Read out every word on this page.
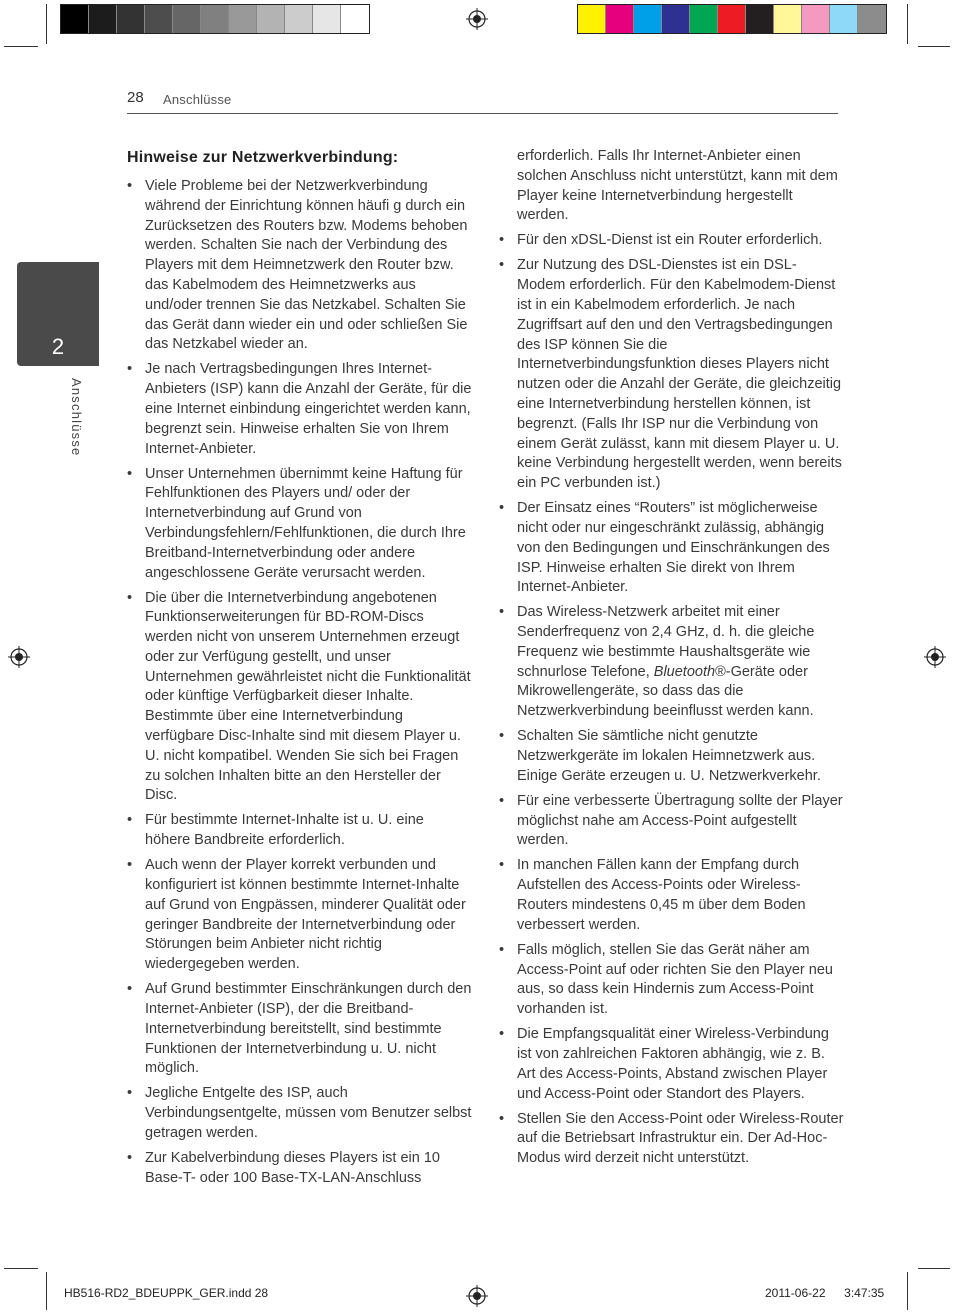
28 Anschlüsse
2
Anschlüsse
Hinweise zur Netzwerkverbindung:
• Viele Probleme bei der Netzwerkverbindung während der Einrichtung können häufi g durch ein Zurücksetzen des Routers bzw. Modems behoben werden. Schalten Sie nach der Verbindung des Players mit dem Heimnetzwerk den Router bzw. das Kabelmodem des Heimnetzwerks aus und/oder trennen Sie das Netzkabel. Schalten Sie das Gerät dann wieder ein und oder schließen Sie das Netzkabel wieder an.
• Je nach Vertragsbedingungen Ihres Internet-Anbieters (ISP) kann die Anzahl der Geräte, für die eine Internet einbindung eingerichtet werden kann, begrenzt sein. Hinweise erhalten Sie von Ihrem Internet-Anbieter.
• Unser Unternehmen übernimmt keine Haftung für Fehlfunktionen des Players und/ oder der Internetverbindung auf Grund von Verbindungsfehlern/Fehlfunktionen, die durch Ihre Breitband-Internetverbindung oder andere angeschlossene Geräte verursacht werden.
• Die über die Internetverbindung angebotenen Funktionserweiterungen für BD-ROM-Discs werden nicht von unserem Unternehmen erzeugt oder zur Verfügung gestellt, und unser Unternehmen gewährleistet nicht die Funktionalität oder künftige Verfügbarkeit dieser Inhalte. Bestimmte über eine Internetverbindung verfügbare Disc-Inhalte sind mit diesem Player u. U. nicht kompatibel. Wenden Sie sich bei Fragen zu solchen Inhalten bitte an den Hersteller der Disc.
• Für bestimmte Internet-Inhalte ist u. U. eine höhere Bandbreite erforderlich.
• Auch wenn der Player korrekt verbunden und konfiguriert ist können bestimmte Internet-Inhalte auf Grund von Engpässen, minderer Qualität oder geringer Bandbreite der Internetverbindung oder Störungen beim Anbieter nicht richtig wiedergegeben werden.
• Auf Grund bestimmter Einschränkungen durch den Internet-Anbieter (ISP), der die Breitband-Internetverbindung bereitstellt, sind bestimmte Funktionen der Internetverbindung u. U. nicht möglich.
• Jegliche Entgelte des ISP, auch Verbindungsentgelte, müssen vom Benutzer selbst getragen werden.
• Zur Kabelverbindung dieses Players ist ein 10 Base-T- oder 100 Base-TX-LAN-Anschluss
erforderlich. Falls Ihr Internet-Anbieter einen solchen Anschluss nicht unterstützt, kann mit dem Player keine Internetverbindung hergestellt werden.
• Für den xDSL-Dienst ist ein Router erforderlich.
• Zur Nutzung des DSL-Dienstes ist ein DSL-Modem erforderlich. Für den Kabelmodem-Dienst ist in ein Kabelmodem erforderlich. Je nach Zugriffsart auf den und den Vertragsbedingungen des ISP können Sie die Internetverbindungsfunktion dieses Players nicht nutzen oder die Anzahl der Geräte, die gleichzeitig eine Internetverbindung herstellen können, ist begrenzt. (Falls Ihr ISP nur die Verbindung von einem Gerät zulässt, kann mit diesem Player u. U. keine Verbindung hergestellt werden, wenn bereits ein PC verbunden ist.)
• Der Einsatz eines “Routers” ist möglicherweise nicht oder nur eingeschränkt zulässig, abhängig von den Bedingungen und Einschränkungen des ISP. Hinweise erhalten Sie direkt von Ihrem Internet-Anbieter.
• Das Wireless-Netzwerk arbeitet mit einer Senderfrequenz von 2,4 GHz, d. h. die gleiche Frequenz wie bestimmte Haushaltsgeräte wie schnurlose Telefone, Bluetooth®-Geräte oder Mikrowellengeräte, so dass das die Netzwerkverbindung beeinflusst werden kann.
• Schalten Sie sämtliche nicht genutzte Netzwerkgeräte im lokalen Heimnetzwerk aus. Einige Geräte erzeugen u. U. Netzwerkverkehr.
• Für eine verbesserte Übertragung sollte der Player möglichst nahe am Access-Point aufgestellt werden.
• In manchen Fällen kann der Empfang durch Aufstellen des Access-Points oder Wireless-Routers mindestens 0,45 m über dem Boden verbessert werden.
• Falls möglich, stellen Sie das Gerät näher am Access-Point auf oder richten Sie den Player neu aus, so dass kein Hindernis zum Access-Point vorhanden ist.
• Die Empfangsqualität einer Wireless-Verbindung ist von zahlreichen Faktoren abhängig, wie z. B. Art des Access-Points, Abstand zwischen Player und Access-Point oder Standort des Players.
• Stellen Sie den Access-Point oder Wireless-Router auf die Betriebsart Infrastruktur ein. Der Ad-Hoc-Modus wird derzeit nicht unterstützt.
HB516-RD2_BDEUPPK_GER.indd 28	2011-06-22   3:47:35
